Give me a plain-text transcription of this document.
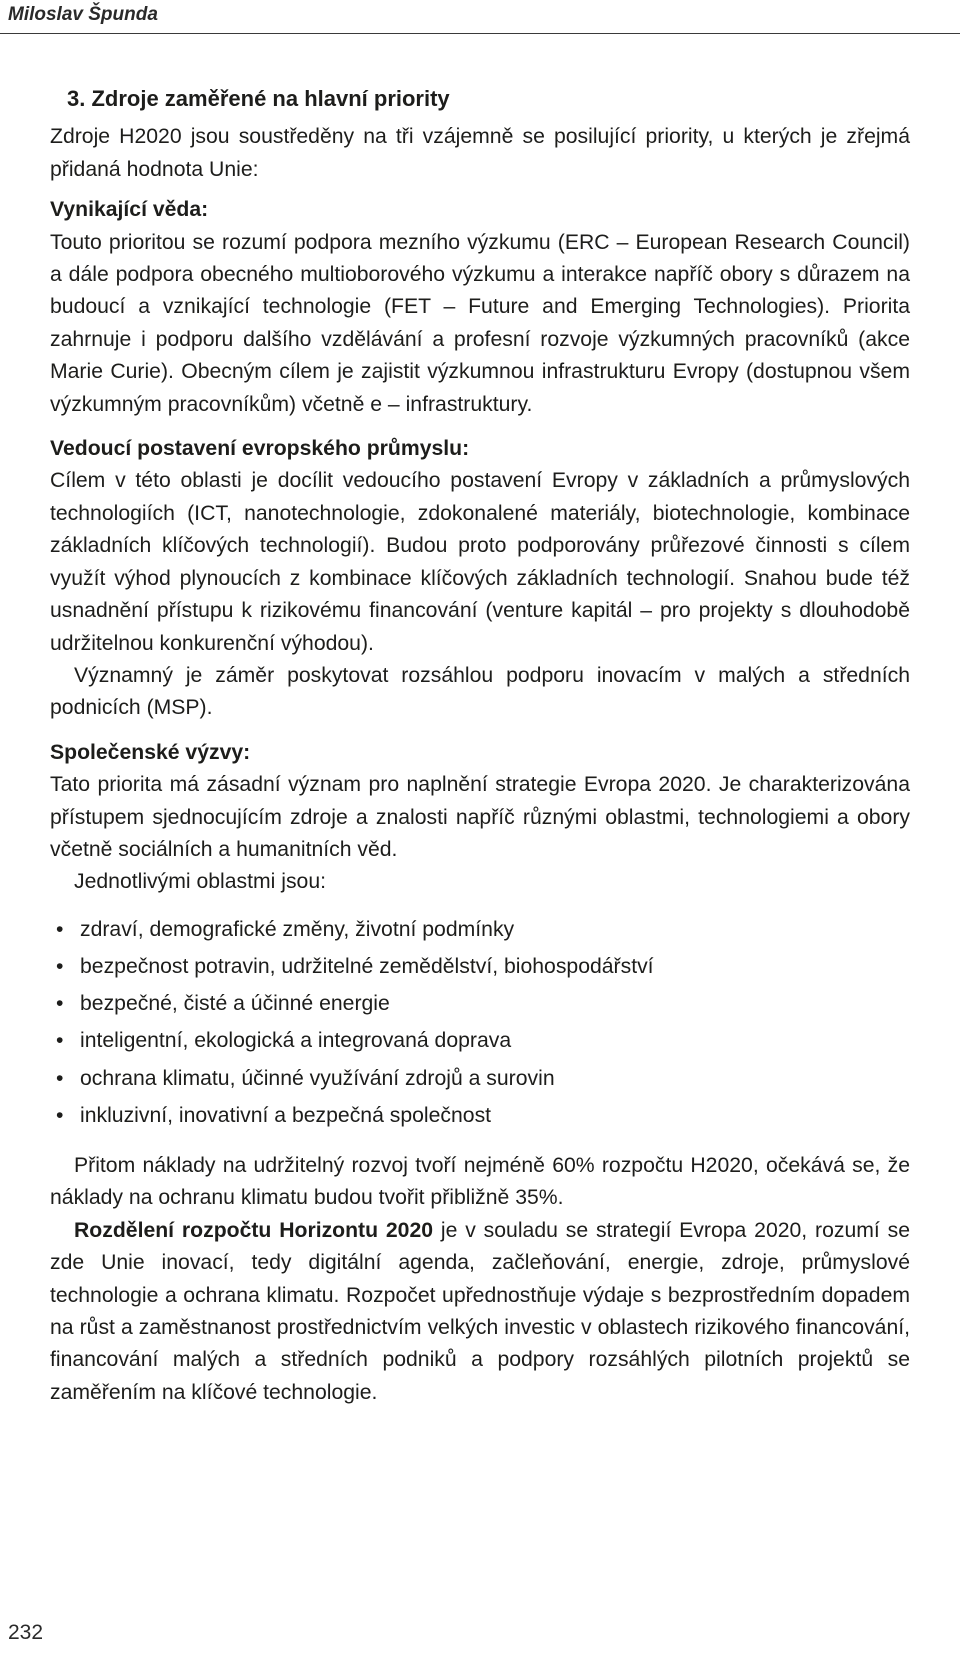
Miloslav Špunda

3. Zdroje zaměřené na hlavní priority

Zdroje H2020 jsou soustředěny na tři vzájemně se posilující priority, u kterých je zřejmá přidaná hodnota Unie:

Vynikající věda:

Touto prioritou se rozumí podpora mezního výzkumu (ERC – European Research Council) a dále podpora obecného multioborového výzkumu a interakce napříč obory s důrazem na budoucí a vznikající technologie (FET – Future and Emerging Technologies). Priorita zahrnuje i podporu dalšího vzdělávání a profesní rozvoje výzkumných pracovníků (akce Marie Curie). Obecným cílem je zajistit výzkumnou infrastrukturu Evropy (dostupnou všem výzkumným pracovníkům) včetně e – infrastruktury.

Vedoucí postavení evropského průmyslu:

Cílem v této oblasti je docílit vedoucího postavení Evropy v základních a průmyslových technologiích (ICT, nanotechnologie, zdokonalené materiály, biotechnologie, kombinace základních klíčových technologií). Budou proto podporovány průřezové činnosti s cílem využít výhod plynoucích z kombinace klíčových základních technologií. Snahou bude též usnadnění přístupu k rizikovému financování (venture kapitál – pro projekty s dlouhodobě udržitelnou konkurenční výhodou).

Významný je záměr poskytovat rozsáhlou podporu inovacím v malých a středních podnicích (MSP).

Společenské výzvy:

Tato priorita má zásadní význam pro naplnění strategie Evropa 2020. Je charakterizována přístupem sjednocujícím zdroje a znalosti napříč různými oblastmi, technologiemi a obory včetně sociálních a humanitních věd.

Jednotlivými oblastmi jsou:

• zdraví, demografické změny, životní podmínky
• bezpečnost potravin, udržitelné zemědělství, biohospodářství
• bezpečné, čisté a účinné energie
• inteligentní, ekologická a integrovaná doprava
• ochrana klimatu, účinné využívání zdrojů a surovin
• inkluzivní, inovativní a bezpečná společnost

Přitom náklady na udržitelný rozvoj tvoří nejméně 60% rozpočtu H2020, očekává se, že náklady na ochranu klimatu budou tvořit přibližně 35%.

Rozdělení rozpočtu Horizontu 2020 je v souladu se strategií Evropa 2020, rozumí se zde Unie inovací, tedy digitální agenda, začleňování, energie, zdroje, průmyslové technologie a ochrana klimatu. Rozpočet upřednostňuje výdaje s bezprostředním dopadem na růst a zaměstnanost prostřednictvím velkých investic v oblastech rizikového financování, financování malých a středních podniků a podpory rozsáhlých pilotních projektů se zaměřením na klíčové technologie.

232
